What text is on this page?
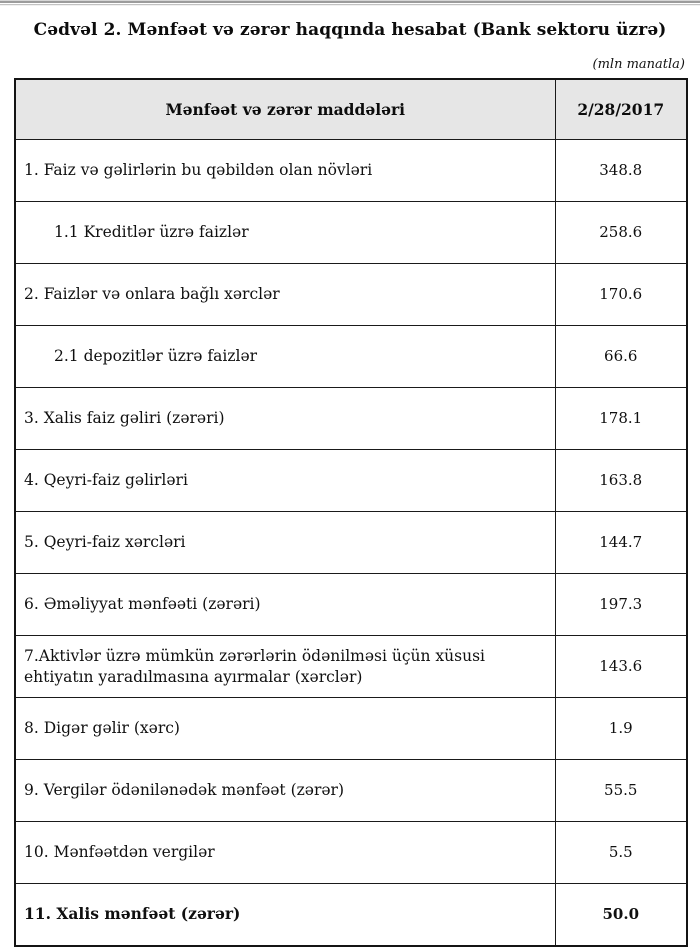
Cədvəl 2. Mənfəət və zərər haqqında hesabat (Bank sektoru üzrə)
(mln manatla)
Mənfəət və zərər maddələri	2/28/2017
1. Faiz və gəlirlərin bu qəbildən olan növləri	348.8
1.1 Kreditlər üzrə faizlər	258.6
2. Faizlər və onlara bağlı xərclər	170.6
2.1 depozitlər üzrə faizlər	66.6
3. Xalis faiz gəliri (zərəri)	178.1
4. Qeyri-faiz gəlirləri	163.8
5. Qeyri-faiz xərcləri	144.7
6. Əməliyyat mənfəəti (zərəri)	197.3
7.Aktivlər üzrə mümkün zərərlərin ödənilməsi üçün xüsusi ehtiyatın yaradılmasına ayırmalar (xərclər)	143.6
8. Digər gəlir (xərc)	1.9
9. Vergilər ödənilənədək mənfəət (zərər)	55.5
10. Mənfəətdən vergilər	5.5
11. Xalis mənfəət (zərər)	50.0
